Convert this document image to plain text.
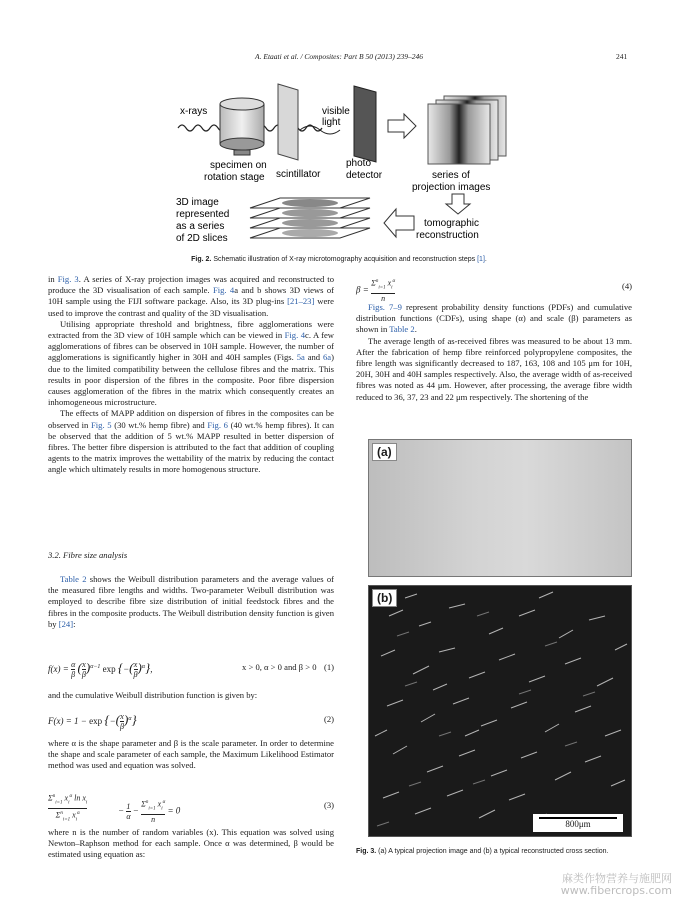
A. Etaati et al. / Composites: Part B 50 (2013) 239–246	241
x-rays
specimen on
rotation stage scintillator
visible
light
photo
detector	series of
projection images
tomographic
reconstruction
3D image
represented
as a series
of 2D slices
Fig. 2. Schematic illustration of X-ray microtomography acquisition and reconstruction steps [1].

in Fig. 3. A series of X-ray projection images was acquired and reconstructed to produce the 3D visualisation of each sample. Fig. 4a and b shows 3D views of 10H sample using the FIJI software package. Also, its 3D plug-ins [21–23] were used to improve the contrast and quality of the 3D visualisation.

Utilising appropriate threshold and brightness, fibre agglomerations were extracted from the 3D view of 10H sample which can be viewed in Fig. 4c. A few agglomerations of fibres can be observed in 10H sample. However, the number of agglomerations is significantly higher in 30H and 40H samples (Figs. 5a and 6a) due to the limited compatibility between the cellulose fibres and the matrix. This results in poor dispersion of the fibres in the composite. Poor fibre dispersion causes agglomeration of the fibres in the matrix which consequently creates an inhomogeneous microstructure.

The effects of MAPP addition on dispersion of fibres in the composites can be observed in Fig. 5 (30 wt.% hemp fibre) and Fig. 6 (40 wt.% hemp fibres). It can be observed that the addition of 5 wt.% MAPP resulted in better dispersion of fibres. The better fibre dispersion is attributed to the fact that addition of coupling agents to the matrix improves the wettability of the matrix by reducing the contact angle which ultimately results in more homogenous structure.

3.2. Fibre size analysis

Table 2 shows the Weibull distribution parameters and the average values of the measured fibre lengths and widths. Two-parameter Weibull distribution was employed to describe fibre size distribution of initial feedstock fibres and the fibres in the composite products. The Weibull distribution density function is given by [24]:

f(x) = α

β (x

β )$^{\alpha-1}$ exp {−(x

β )$^\alpha$},	x > 0, α > 0 and β > 0 (1)
and the cumulative Weibull distribution function is given by:
F(x) = 1 − exp {−(x

β )$^\alpha$}	(2)
where α is the shape parameter and β is the scale parameter. In order to determine the shape and scale parameter of each sample, the Maximum Likelihood Estimator method was used and equation was solved.
$\Sigma^n_{i=1}$ $x_i^\alpha$ $\ln x_i$

$\Sigma^n_{i=1}$ $x_i^\alpha$	− 1

α
− $\Sigma^n_{i=1}$ $x_i^\alpha$

n
= 0
(3)
where n is the number of random variables (x). This equation was solved using Newton–Raphson method for each sample. Once α was determined, β would be estimated using equation as:
$\beta = \Sigma^n_{i=1}$ $x_i^\alpha$

n
(4)

Figs. 7–9 represent probability density functions (PDFs) and cumulative distribution functions (CDFs), using shape (α) and scale (β) parameters as shown in Table 2.

The average length of as-received fibres was measured to be about 13 mm. After the fabrication of hemp fibre reinforced polypropylene composites, the fibre length was significantly decreased to 187, 163, 108 and 105 μm for 10H, 20H, 30H and 40H samples respectively. Also, the average width of as-received fibres was noted as 44 μm. However, after processing, the average fibre width reduced to 36, 37, 23 and 22 μm respectively. The shortening of the

(a)
(b)
800μm
Fig. 3. (a) A typical projection image and (b) a typical reconstructed cross section.
麻类作物营养与施肥网
www.fibercrops.com
